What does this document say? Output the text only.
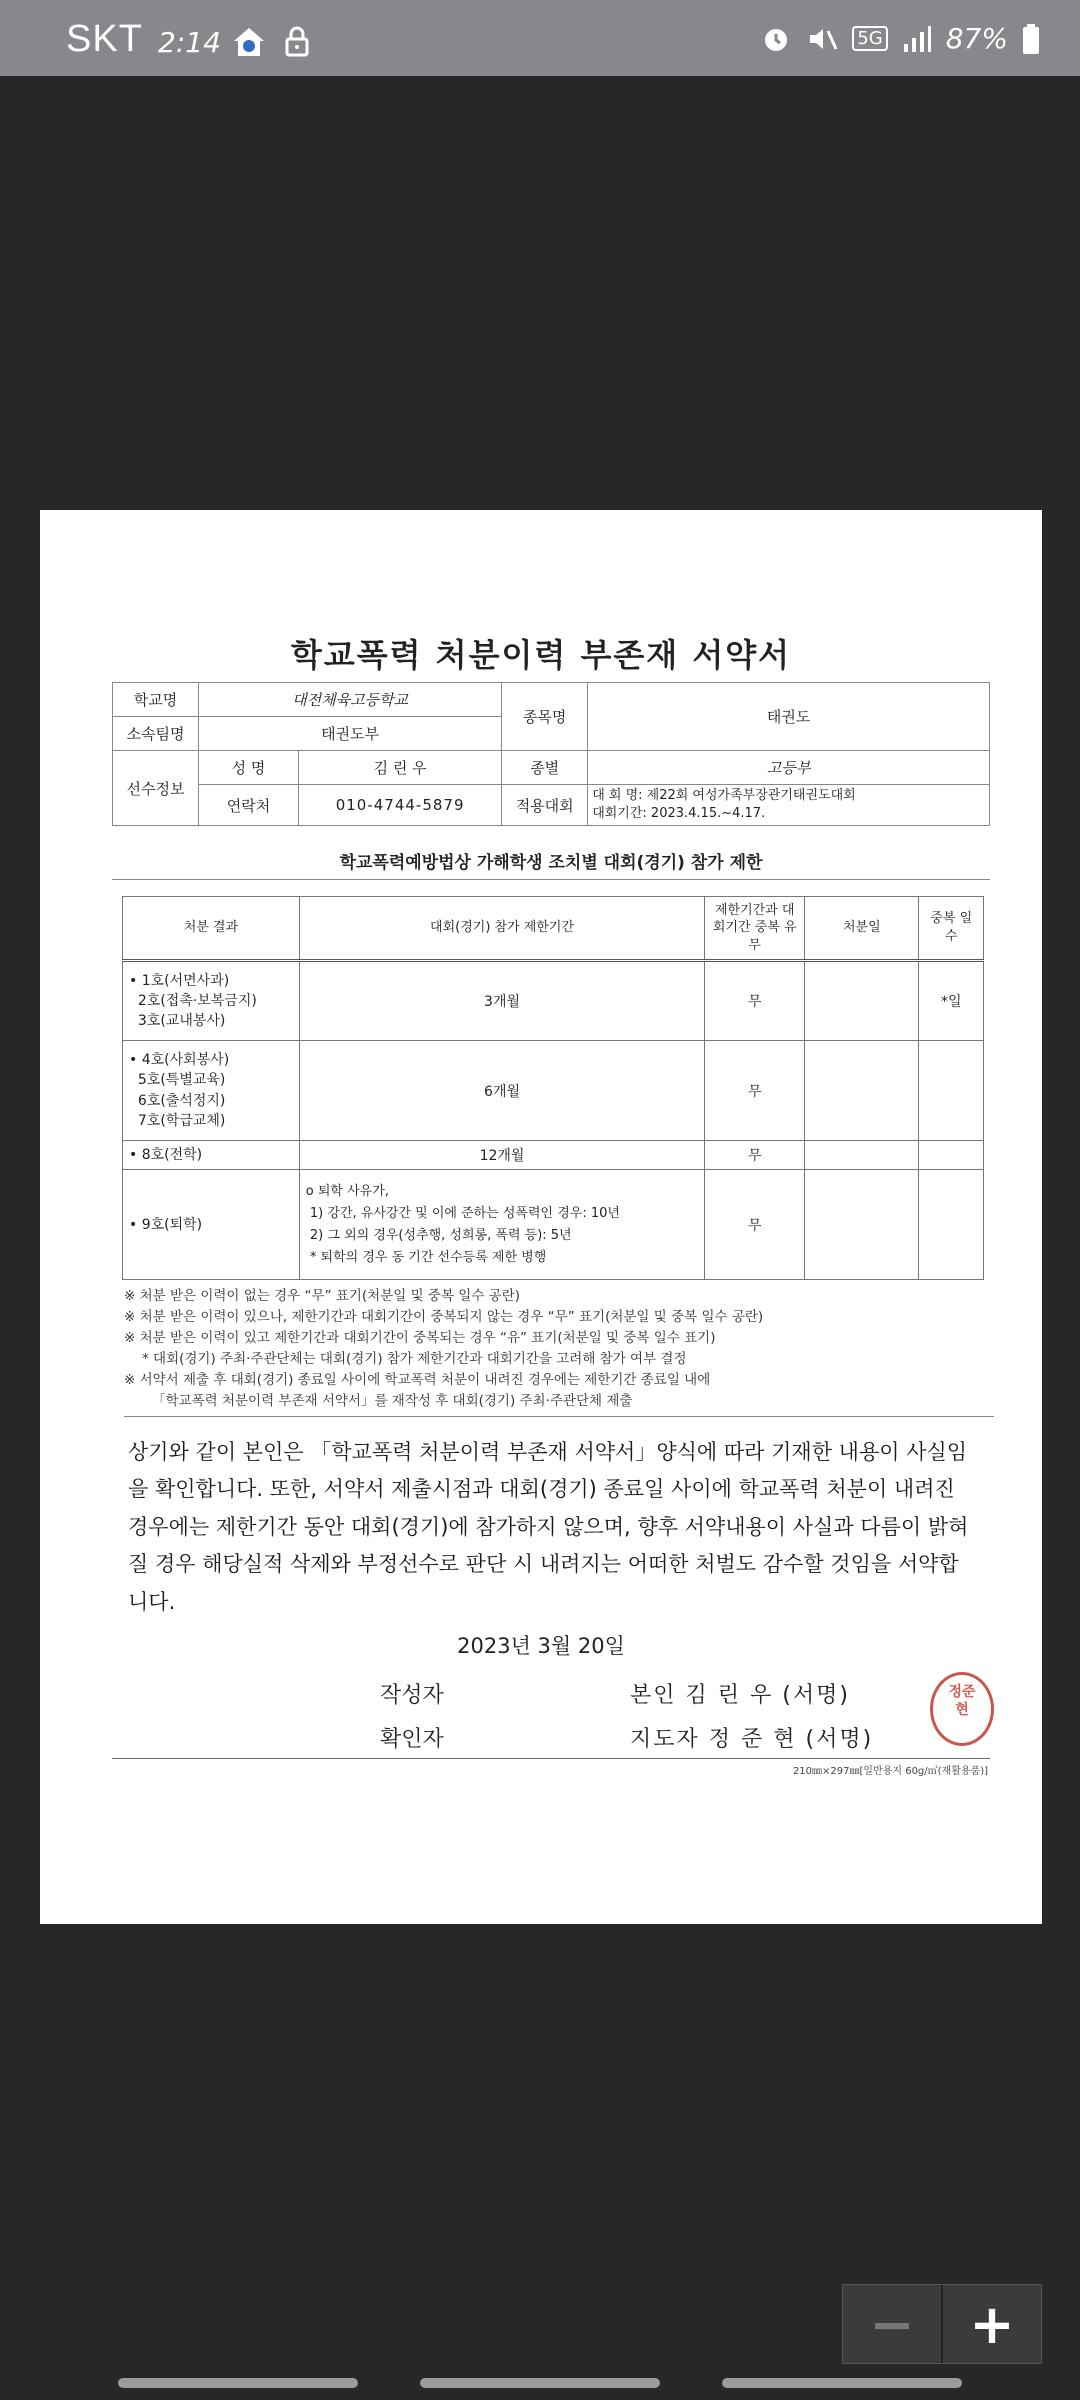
SKT 2:14	5G 87%
학교폭력 처분이력 부존재 서약서
학교명	대전체육고등학교		종목명	태권도
소속팀명	태권도부			
선수정보	성 명	김 린 우	종별	고등부
	연락처	010-4744-5879	적용대회	대 회 명: 제22회 여성가족부장관기태권도대회
대회기간: 2023.4.15.~4.17.
학교폭력예방법상 가해학생 조치별 대회(경기) 참가 제한
처분 결과	대회(경기) 참가 제한기간	제한기간과 대회기간 중복 유무	처분일	중복 일수
• 1호(서면사과)
2호(접촉·보복금지)
3호(교내봉사)	3개월	무		*일
• 4호(사회봉사)
5호(특별교육)
6호(출석정지)
7호(학급교체)	6개월	무		
• 8호(전학)	12개월	무		
• 9호(퇴학)	o 퇴학 사유가,
1) 강간, 유사강간 및 이에 준하는 성폭력인 경우: 10년
2) 그 외의 경우(성추행, 성희롱, 폭력 등): 5년
* 퇴학의 경우 동 기간 선수등록 제한 병행	무		
※ 처분 받은 이력이 없는 경우 “무” 표기(처분일 및 중복 일수 공란)
※ 처분 받은 이력이 있으나, 제한기간과 대회기간이 중복되지 않는 경우 “무” 표기(처분일 및 중복 일수 공란)
※ 처분 받은 이력이 있고 제한기간과 대회기간이 중복되는 경우 “유” 표기(처분일 및 중복 일수 표기)
* 대회(경기) 주최·주관단체는 대회(경기) 참가 제한기간과 대회기간을 고려해 참가 여부 결정
※ 서약서 제출 후 대회(경기) 종료일 사이에 학교폭력 처분이 내려진 경우에는 제한기간 종료일 내에
「학교폭력 처분이력 부존재 서약서」를 재작성 후 대회(경기) 주최·주관단체 제출
상기와 같이 본인은 「학교폭력 처분이력 부존재 서약서」양식에 따라 기재한 내용이 사실임을 확인합니다. 또한, 서약서 제출시점과 대회(경기) 종료일 사이에 학교폭력 처분이 내려진 경우에는 제한기간 동안 대회(경기)에 참가하지 않으며, 향후 서약내용이 사실과 다름이 밝혀질 경우 해당실적 삭제와 부정선수로 판단 시 내려지는 어떠한 처벌도 감수할 것임을 서약합니다.
2023년 3월 20일
작성자	본인 김 린 우 (서명)
확인자	지도자 정 준 현 (서명)
정준현
210㎜×297㎜[일반용지 60g/㎡(재활용품)]
−	+
